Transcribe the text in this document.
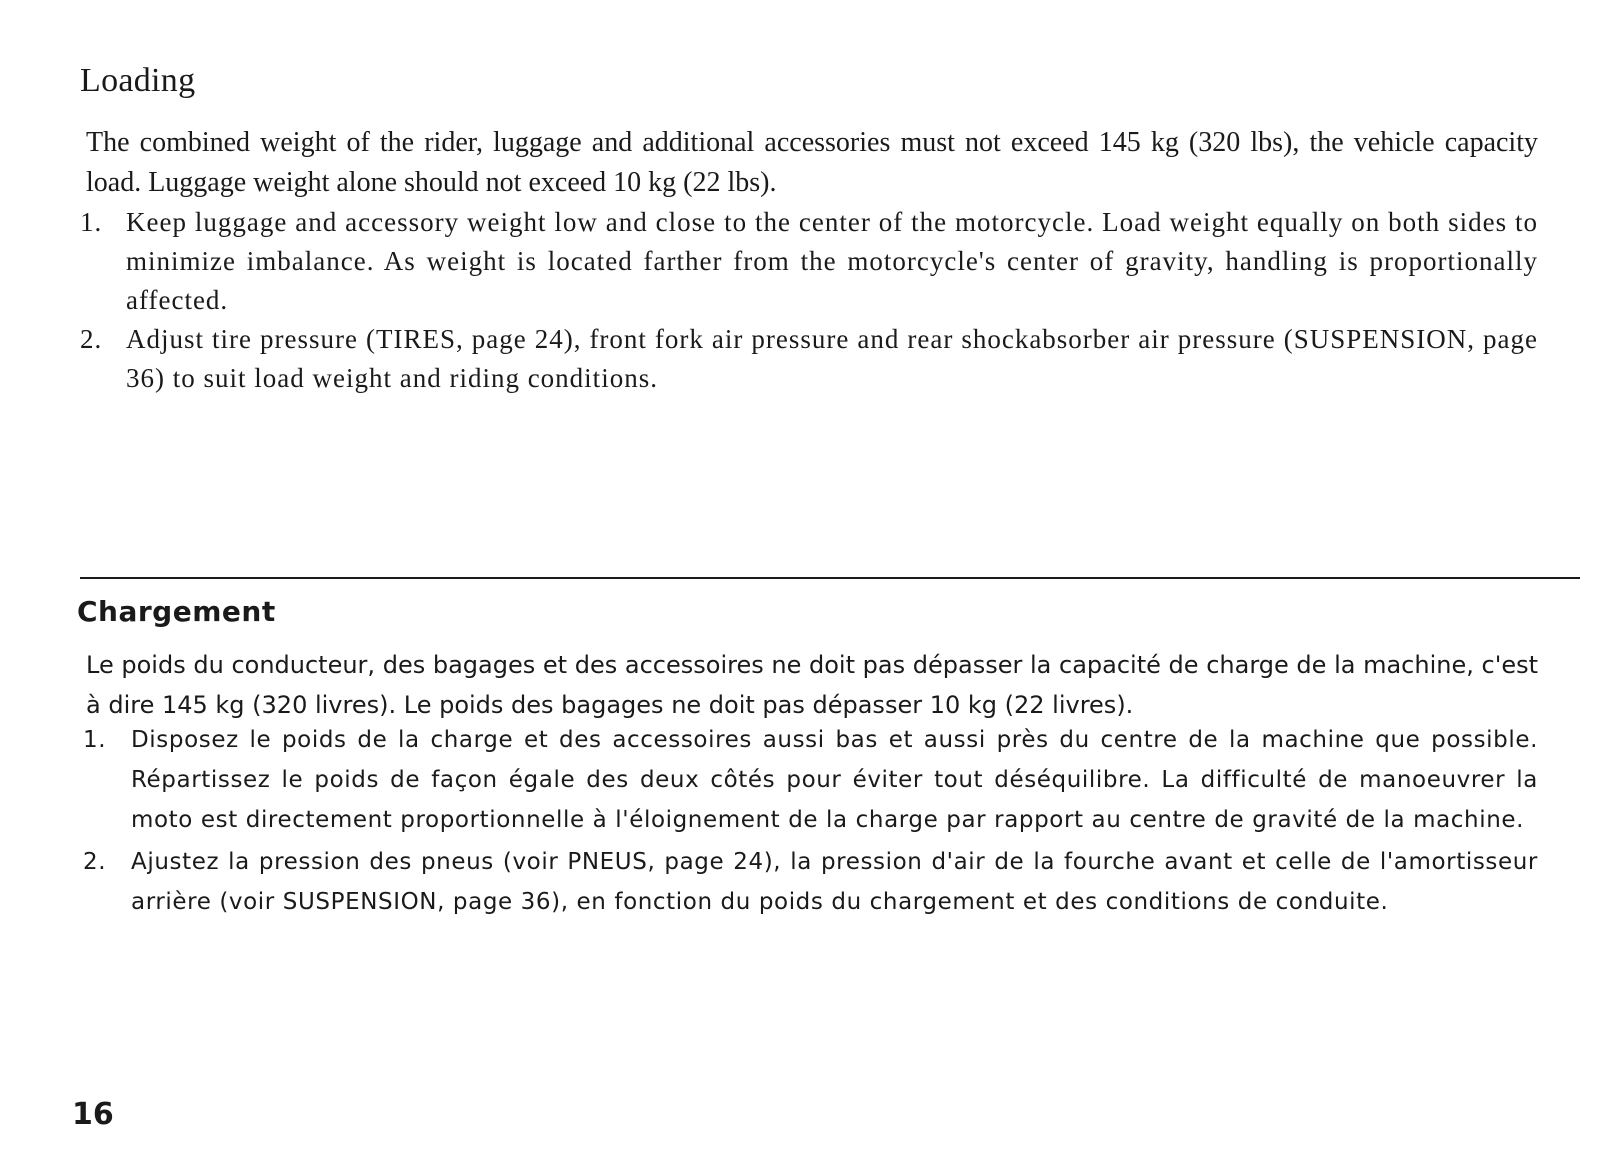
Loading

The combined weight of the rider, luggage and additional accessories must not exceed 145 kg (320 lbs), the vehicle capacity load. Luggage weight alone should not exceed 10 kg (22 lbs).

1. Keep luggage and accessory weight low and close to the center of the motorcycle. Load weight equally on both sides to minimize imbalance. As weight is located farther from the motorcycle's center of gravity, handling is proportionally affected.
2. Adjust tire pressure (TIRES, page 24), front fork air pressure and rear shockabsorber air pressure (SUSPENSION, page 36) to suit load weight and riding conditions.
Chargement

Le poids du conducteur, des bagages et des accessoires ne doit pas dépasser la capacité de charge de la machine, c'est à dire 145 kg (320 livres). Le poids des bagages ne doit pas dépasser 10 kg (22 livres).

1. Disposez le poids de la charge et des accessoires aussi bas et aussi près du centre de la machine que possible. Répartissez le poids de façon égale des deux côtés pour éviter tout déséquilibre. La difficulté de manoeuvrer la moto est directement proportionnelle à l'éloignement de la charge par rapport au centre de gravité de la machine.
2. Ajustez la pression des pneus (voir PNEUS, page 24), la pression d'air de la fourche avant et celle de l'amortisseur arrière (voir SUSPENSION, page 36), en fonction du poids du chargement et des conditions de conduite.
16
